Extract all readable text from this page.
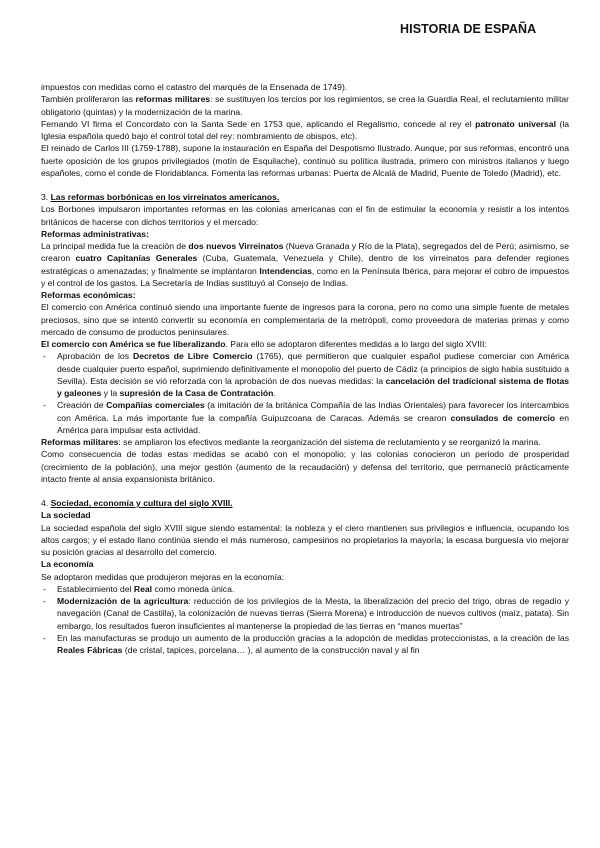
HISTORIA DE ESPAÑA

impuestos con medidas como el catastro del marqués de la Ensenada de 1749).

También proliferaron las reformas militares: se sustituyen los tercios por los regimientos, se crea la Guardia Real, el reclutamiento militar obligatorio (quintas) y la modernización de la marina.

Fernando VI firma el Concordato con la Santa Sede en 1753 que, aplicando el Regalismo, concede al rey el patronato universal (la Iglesia española quedó bajo el control total del rey: nombramiento de obispos, etc).

El reinado de Carlos III (1759-1788), supone la instauración en España del Despotismo Ilustrado. Aunque, por sus reformas, encontró una fuerte oposición de los grupos privilegiados (motín de Esquilache), continuó su política ilustrada, primero con ministros italianos y luego españoles, como el conde de Floridablanca. Fomenta las reformas urbanas: Puerta de Alcalá de Madrid, Puente de Toledo (Madrid), etc.

3. Las reformas borbónicas en los virreinatos americanos.

Los Borbones impulsaron importantes reformas en las colonias americanas con el fin de estimular la economía y resistir a los intentos británicos de hacerse con dichos territorios y el mercado:

Reformas administrativas:

La principal medida fue la creación de dos nuevos Virreinatos (Nueva Granada y Río de la Plata), segregados del de Perú; asimismo, se crearon cuatro Capitanías Generales (Cuba, Guatemala, Venezuela y Chile), dentro de los virreinatos para defender regiones estratégicas o amenazadas; y finalmente se implantaron Intendencias, como en la Península Ibérica, para mejorar el cobro de impuestos y el control de los gastos. La Secretaría de Indias sustituyó al Consejo de Indias.

Reformas económicas:

El comercio con América continuó siendo una importante fuente de ingresos para la corona, pero no como una simple fuente de metales preciosos, sino que se intentó convertir su economía en complementaria de la metrópoli, como proveedora de materias primas y como mercado de consumo de productos peninsulares.

El comercio con América se fue liberalizando. Para ello se adoptaron diferentes medidas a lo largo del siglo XVIII:

- Aprobación de los Decretos de Libre Comercio (1765), que permitieron que cualquier español pudiese comerciar con América desde cualquier puerto español, suprimiendo definitivamente el monopolio del puerto de Cádiz (a principios de siglo había sustituido a Sevilla). Esta decisión se vió reforzada con la aprobación de dos nuevas medidas: la cancelación del tradicional sistema de flotas y galeones y la supresión de la Casa de Contratación.
- Creación de Compañías comerciales (a imitación de la británica Compañía de las Indias Orientales) para favorecer los intercambios con América. La más importante fue la compañía Guipuzcoana de Caracas. Además se crearon consulados de comercio en América para impulsar esta actividad.

Reformas militares: se ampliaron los efectivos mediante la reorganización del sistema de reclutamiento y se reorganizó la marina.

Como consecuencia de todas estas medidas se acabó con el monopolio; y las colonias conocieron un periodo de prosperidad (crecimiento de la población), una mejor gestión (aumento de la recaudación) y defensa del territorio, que permaneció prácticamente intacto frente al ansia expansionista británico.

4. Sociedad, economía y cultura del siglo XVIII.
La sociedad

La sociedad española del siglo XVIII sigue siendo estamental: la nobleza y el clero mantienen sus privilegios e influencia, ocupando los altos cargos; y el estado llano continúa siendo el más numeroso, campesinos no propietarios la mayoría; la escasa burguesía vio mejorar su posición gracias al desarrollo del comercio.

La economía

Se adoptaron medidas que produjeron mejoras en la economía:

- Establecimiento del Real como moneda única.
- Modernización de la agricultura: reducción de los privilegios de la Mesta, la liberalización del precio del trigo, obras de regadío y navegación (Canal de Castilla), la colonización de nuevas tierras (Sierra Morena) e introducción de nuevos cultivos (maíz, patata). Sin embargo, los resultados fueron insuficientes al mantenerse la propiedad de las tierras en “manos muertas”
- En las manufacturas se produjo un aumento de la producción gracias a la adopción de medidas proteccionistas, a la creación de las Reales Fábricas (de cristal, tapices, porcelana… ), al aumento de la construcción naval y al fin
